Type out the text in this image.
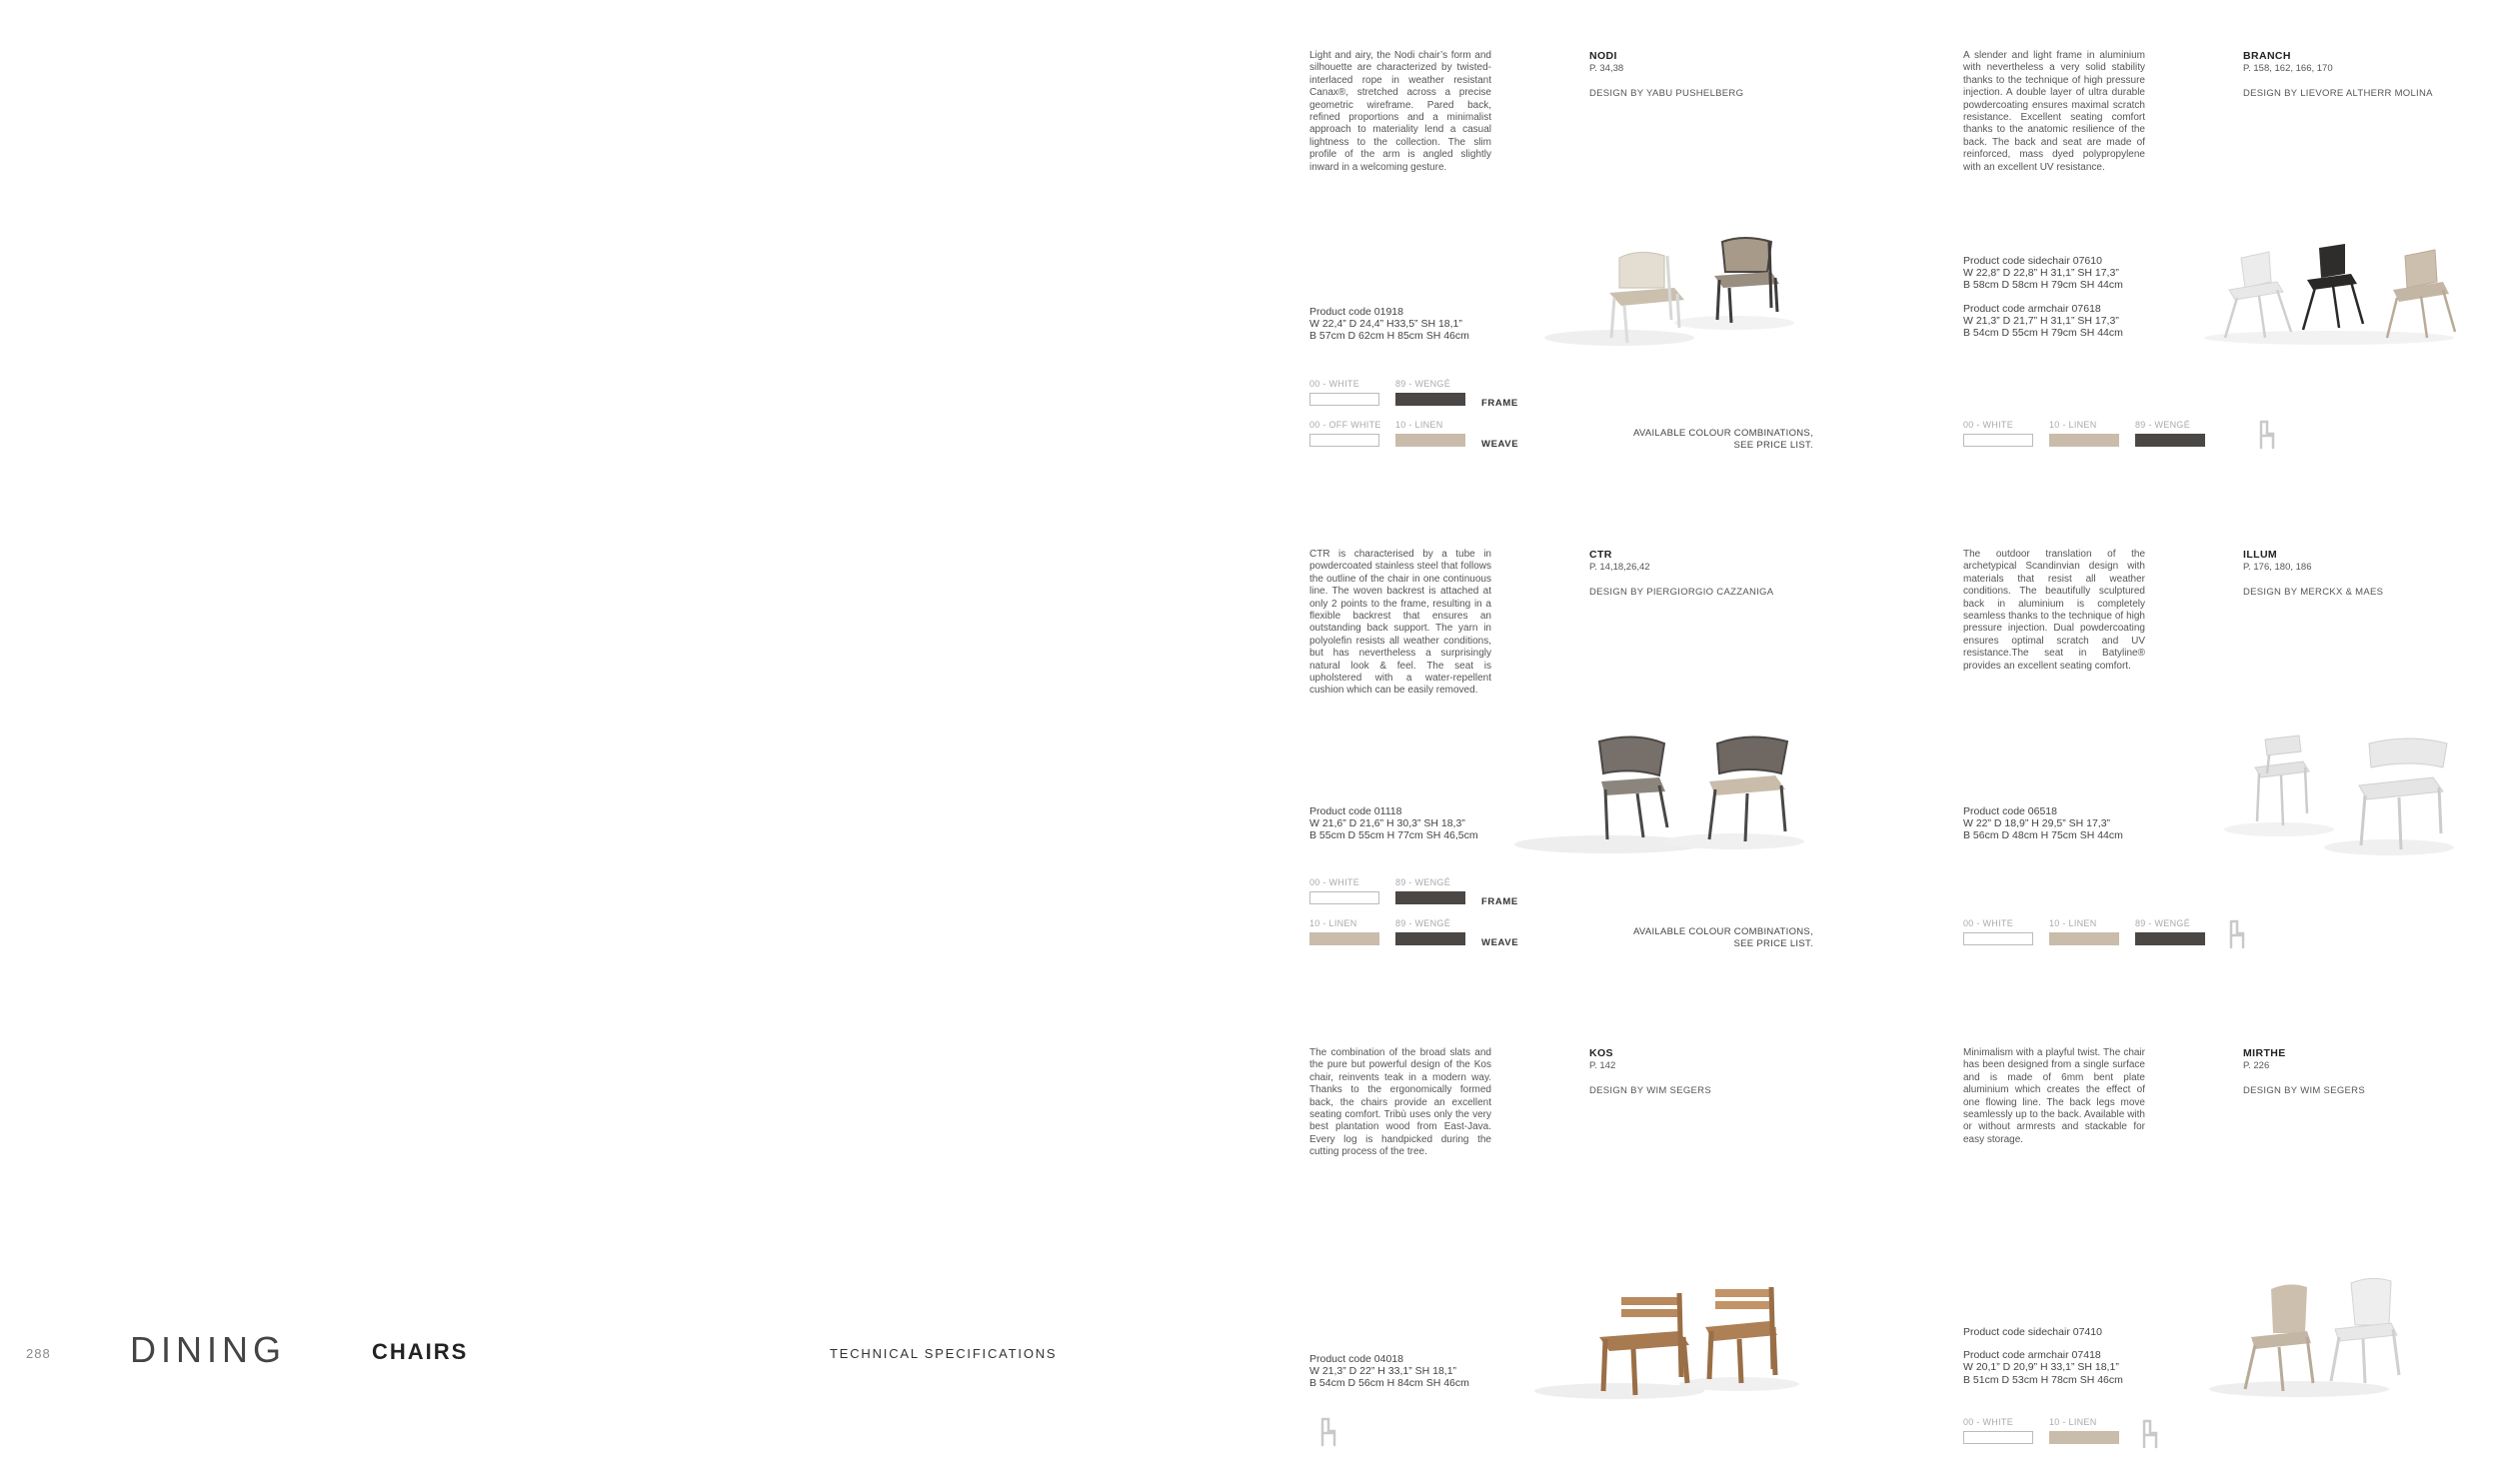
288 DINING	CHAIRS	TECHNICAL SPECIFICATIONS
Light and airy, the Nodi chair’s form and silhouette are characterized by twisted-interlaced rope in weather resistant Canax®, stretched across a precise geometric wireframe. Pared back, refined proportions and a minimalist approach to materiality lend a casual lightness to the collection. The slim profile of the arm is angled slightly inward in a welcoming gesture.
NODI
P. 34,38
DESIGN BY YABU PUSHELBERG
Product code 01918
W 22,4” D 24,4” H33,5” SH 18,1”
B 57cm D 62cm H 85cm SH 46cm
00 - WHITE	89 - WENGÉ
FRAME
00 - OFF WHITE 10 - LINEN
WEAVE
AVAILABLE COLOUR COMBINATIONS,
SEE PRICE LIST.
A slender and light frame in aluminium with nevertheless a very solid stability thanks to the technique of high pressure injection. A double layer of ultra durable powdercoating ensures maximal scratch resistance. Excellent seating comfort thanks to the anatomic resilience of the back. The back and seat are made of reinforced, mass dyed polypropylene with an excellent UV resistance.
BRANCH
P. 158, 162, 166, 170
DESIGN BY LIEVORE ALTHERR MOLINA
Product code sidechair 07610
W 22,8” D 22,8” H 31,1” SH 17,3”
B 58cm D 58cm H 79cm SH 44cm
Product code armchair 07618
W 21,3” D 21,7” H 31,1” SH 17,3”
B 54cm D 55cm H 79cm SH 44cm
00 - WHITE	10 - LINEN	89 - WENGÉ
CTR is characterised by a tube in powdercoated stainless steel that follows the outline of the chair in one continuous line. The woven backrest is attached at only 2 points to the frame, resulting in a flexible backrest that ensures an outstanding back support. The yarn in polyolefin resists all weather conditions, but has nevertheless a surprisingly natural look & feel. The seat is upholstered with a water-repellent cushion which can be easily removed.
CTR
P. 14,18,26,42
DESIGN BY PIERGIORGIO CAZZANIGA
Product code 01118
W 21,6” D 21,6” H 30,3” SH 18,3”
B 55cm D 55cm H 77cm SH 46,5cm
00 - WHITE	89 - WENGÉ
FRAME
10 - LINEN	89 - WENGÉ
WEAVE
AVAILABLE COLOUR COMBINATIONS,
SEE PRICE LIST.
The outdoor translation of the archetypical Scandinvian design with materials that resist all weather conditions. The beautifully sculptured back in aluminium is completely seamless thanks to the technique of high pressure injection. Dual powdercoating ensures optimal scratch and UV resistance.The seat in Batyline® provides an excellent seating comfort.
ILLUM
P. 176, 180, 186
DESIGN BY MERCKX & MAES
Product code 06518
W 22” D 18,9” H 29,5” SH 17,3”
B 56cm D 48cm H 75cm SH 44cm
00 - WHITE	10 - LINEN	89 - WENGÉ
The combination of the broad slats and the pure but powerful design of the Kos chair, reinvents teak in a modern way. Thanks to the ergonomically formed back, the chairs provide an excellent seating comfort. Tribù uses only the very best plantation wood from East-Java. Every log is handpicked during the cutting process of the tree.
KOS
P. 142
DESIGN BY WIM SEGERS
Product code 04018
W 21,3” D 22” H 33,1” SH 18,1”
B 54cm D 56cm H 84cm SH 46cm
Minimalism with a playful twist. The chair has been designed from a single surface and is made of 6mm bent plate aluminium which creates the effect of one flowing line. The back legs move seamlessly up to the back. Available with or without armrests and stackable for easy storage.
MIRTHE
P. 226
DESIGN BY WIM SEGERS
Product code sidechair 07410
Product code armchair 07418
W 20,1” D 20,9” H 33,1” SH 18,1”
B 51cm D 53cm H 78cm SH 46cm
00 - WHITE	10 - LINEN
